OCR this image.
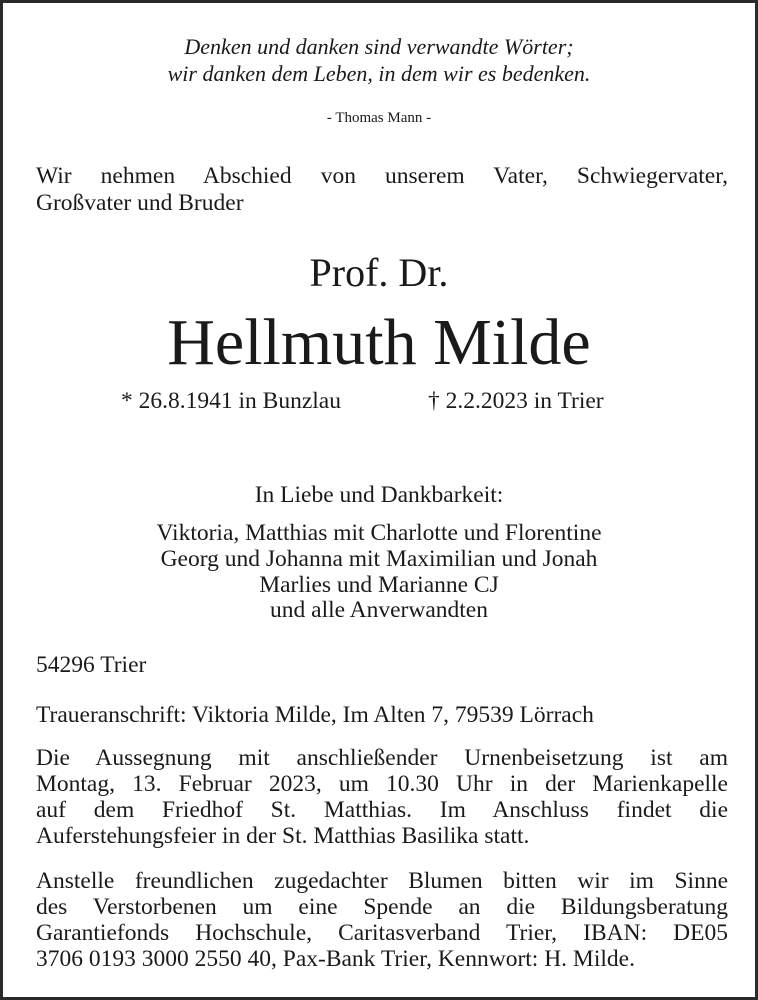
Denken und danken sind verwandte Wörter;
wir danken dem Leben, in dem wir es bedenken.
- Thomas Mann -
Wir nehmen Abschied von unserem Vater, Schwiegervater,
Großvater und Bruder
Prof. Dr.
Hellmuth Milde
* 26.8.1941 in Bunzlau	† 2.2.2023 in Trier
In Liebe und Dankbarkeit:
Viktoria, Matthias mit Charlotte und Florentine
Georg und Johanna mit Maximilian und Jonah
Marlies und Marianne CJ
und alle Anverwandten
54296 Trier
Traueranschrift: Viktoria Milde, Im Alten 7, 79539 Lörrach
Die Aussegnung mit anschließender Urnenbeisetzung ist am
Montag, 13. Februar 2023, um 10.30 Uhr in der Marienkapelle
auf dem Friedhof St. Matthias. Im Anschluss findet die
Auferstehungsfeier in der St. Matthias Basilika statt.
Anstelle freundlichen zugedachter Blumen bitten wir im Sinne
des Verstorbenen um eine Spende an die Bildungsberatung
Garantiefonds Hochschule, Caritasverband Trier, IBAN: DE05
3706 0193 3000 2550 40, Pax-Bank Trier, Kennwort: H. Milde.
